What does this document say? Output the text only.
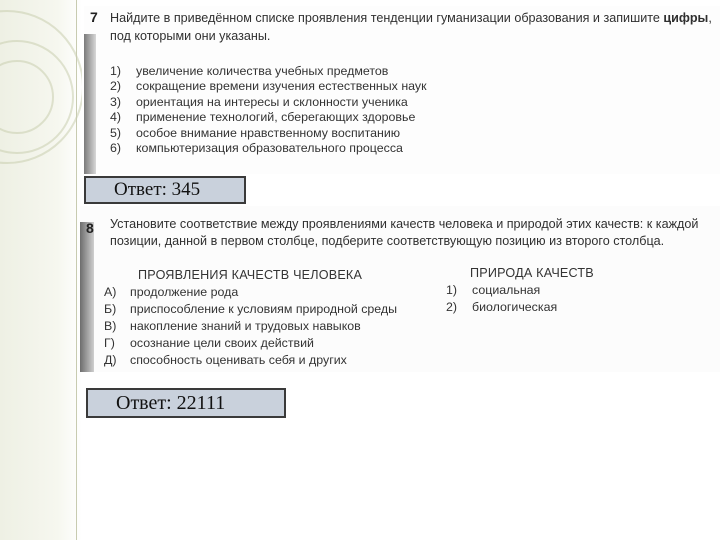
7 Найдите в приведённом списке проявления тенденции гуманизации образования и запишите цифры, под которыми они указаны.
1) увеличение количества учебных предметов
2) сокращение времени изучения естественных наук
3) ориентация на интересы и склонности ученика
4) применение технологий, сберегающих здоровье
5) особое внимание нравственному воспитанию
6) компьютеризация образовательного процесса
Ответ: 345
8 Установите соответствие между проявлениями качеств человека и природой этих качеств: к каждой позиции, данной в первом столбце, подберите соответствующую позицию из второго столбца.
ПРОЯВЛЕНИЯ КАЧЕСТВ ЧЕЛОВЕКА	ПРИРОДА КАЧЕСТВ
А) продолжение рода
Б) приспособление к условиям природной среды
В) накопление знаний и трудовых навыков
Г) осознание цели своих действий
Д) способность оценивать себя и других
1) социальная
2) биологическая
Ответ: 22111
